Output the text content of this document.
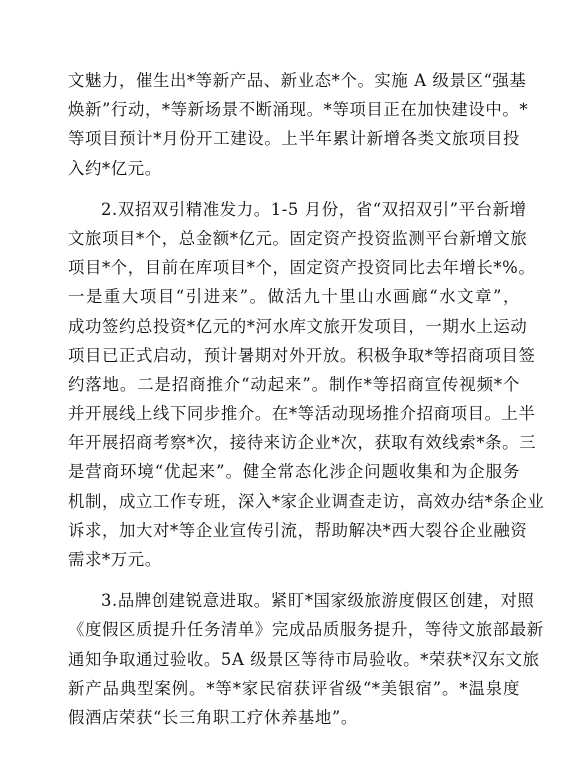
文魅力，催生出*等新产品、新业态*个。实施 A 级景区“强基
焕新”行动，*等新场景不断涌现。*等项目正在加快建设中。*
等项目预计*月份开工建设。上半年累计新增各类文旅项目投
入约*亿元。
2.双招双引精准发力。1-5 月份，省“双招双引”平台新增
文旅项目*个，总金额*亿元。固定资产投资监测平台新增文旅
项目*个，目前在库项目*个，固定资产投资同比去年增长*%。
一是重大项目“引进来”。做活九十里山水画廊“水文章”，
成功签约总投资*亿元的*河水库文旅开发项目，一期水上运动
项目已正式启动，预计暑期对外开放。积极争取*等招商项目签
约落地。二是招商推介“动起来”。制作*等招商宣传视频*个
并开展线上线下同步推介。在*等活动现场推介招商项目。上半
年开展招商考察*次，接待来访企业*次，获取有效线索*条。三
是营商环境“优起来”。健全常态化涉企问题收集和为企服务
机制，成立工作专班，深入*家企业调查走访，高效办结*条企业
诉求，加大对*等企业宣传引流，帮助解决*西大裂谷企业融资
需求*万元。
3.品牌创建锐意进取。紧盯*国家级旅游度假区创建，对照
《度假区质提升任务清单》完成品质服务提升，等待文旅部最新
通知争取通过验收。5A 级景区等待市局验收。*荣获*汉东文旅
新产品典型案例。*等*家民宿获评省级“*美银宿”。*温泉度
假酒店荣获“长三角职工疗休养基地”。
